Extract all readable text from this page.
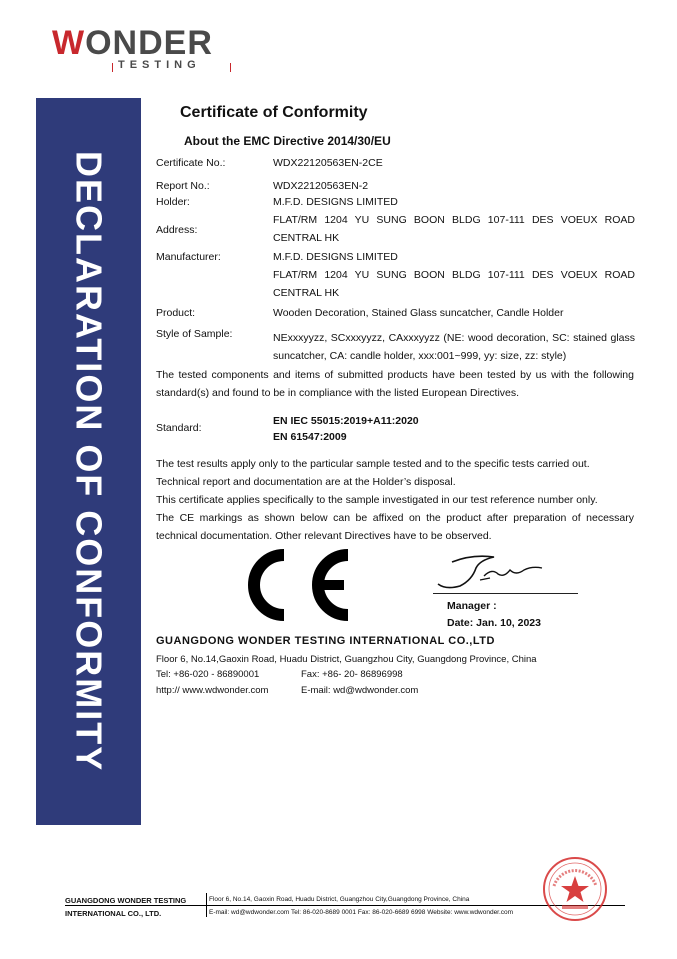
WONDER
TESTING
DECLARATION OF CONFORMITY
Certificate of Conformity
About the EMC Directive 2014/30/EU
Certificate No.:	WDX22120563EN-2CE
Report No.:	WDX22120563EN-2
Holder:	M.F.D. DESIGNS LIMITED
Address:
FLAT/RM 1204 YU SUNG BOON BLDG 107-111 DES VOEUX ROAD CENTRAL HK
Manufacturer:	M.F.D. DESIGNS LIMITED
FLAT/RM 1204 YU SUNG BOON BLDG 107-111 DES VOEUX ROAD CENTRAL HK
Product:	Wooden Decoration, Stained Glass suncatcher, Candle Holder
Style of Sample:	NExxxyyzz, SCxxxyyzz, CAxxxyyzz (NE: wood decoration, SC: stained glass suncatcher, CA: candle holder, xxx:001~999, yy: size, zz: style)
The tested components and items of submitted products have been tested by us with the following standard(s) and found to be in compliance with the listed European Directives.
Standard:
EN IEC 55015:2019+A11:2020
EN 61547:2009
The test results apply only to the particular sample tested and to the specific tests carried out.
Technical report and documentation are at the Holder’s disposal.
This certificate applies specifically to the sample investigated in our test reference number only.
The CE markings as shown below can be affixed on the product after preparation of necessary technical documentation. Other relevant Directives have to be observed.
Manager :
Date: Jan. 10, 2023
GUANGDONG WONDER TESTING INTERNATIONAL CO.,LTD
Floor 6, No.14,Gaoxin Road, Huadu District, Guangzhou City, Guangdong Province, China
Tel: +86-020 - 86890001	Fax: +86- 20- 86896998
http:// www.wdwonder.com	E-mail: wd@wdwonder.com
GUANGDONG WONDER TESTING
INTERNATIONAL CO., LTD.
Floor 6, No.14, Gaoxin Road, Huadu District, Guangzhou City,Guangdong Province, China
E-mail: wd@wdwonder.com Tel: 86-020-8689 0001 Fax: 86-020-6689 6998 Website: www.wdwonder.com
